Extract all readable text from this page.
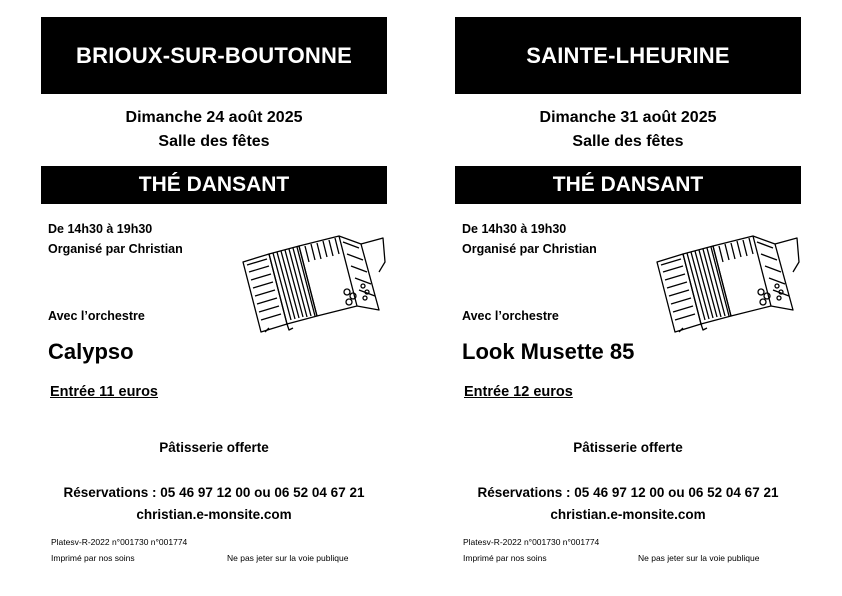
BRIOUX-SUR-BOUTONNE
Dimanche 24 août 2025
Salle des fêtes
THÉ DANSANT
De 14h30 à 19h30
Organisé par Christian
Avec l’orchestre
Calypso
Entrée 11 euros
Pâtisserie offerte
Réservations : 05 46 97 12 00 ou 06 52 04 67 21
christian.e-monsite.com
Platesv-R-2022 n°001730 n°001774
Imprimé par nos soins	Ne pas jeter sur la voie publique
SAINTE-LHEURINE
Dimanche 31 août 2025
Salle des fêtes
THÉ DANSANT
De 14h30 à 19h30
Organisé par Christian
Avec l’orchestre
Look Musette 85
Entrée 12 euros
Pâtisserie offerte
Réservations : 05 46 97 12 00 ou 06 52 04 67 21
christian.e-monsite.com
Platesv-R-2022 n°001730 n°001774
Imprimé par nos soins	Ne pas jeter sur la voie publique
